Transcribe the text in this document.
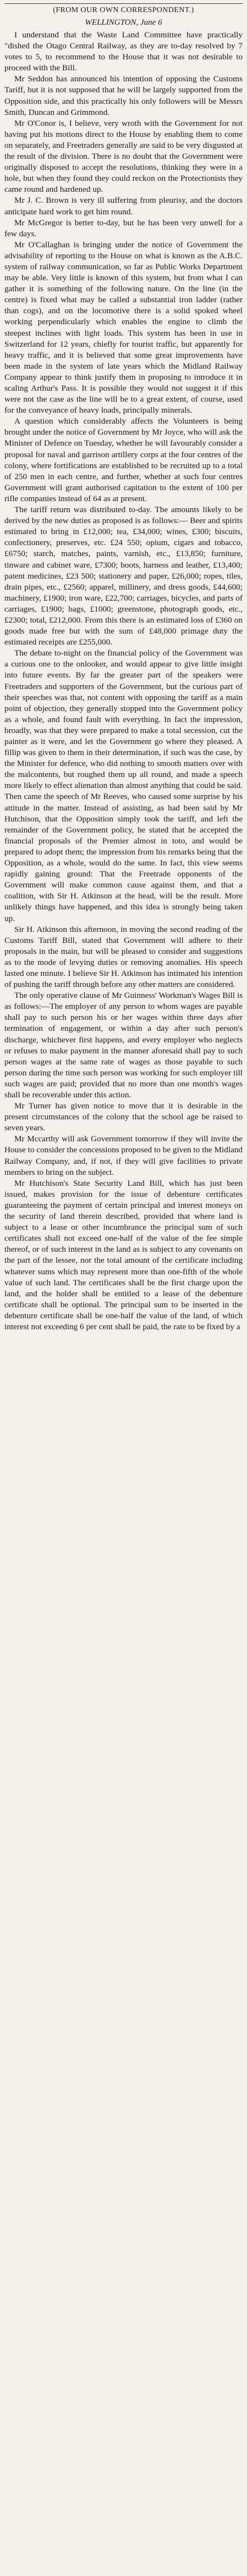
(FROM OUR OWN CORRESPONDENT.)
WELLINGTON, June 6

I understand that the Waste Land Committee have practically "dished the Otago Central Railway, as they are to-day resolved by 7 votes to 5, to recommend to the House that it was not desirable to proceed with the Bill.

Mr Seddon has announced his intention of opposing the Customs Tariff, but it is not supposed that he will be largely supported from the Opposition side, and this practically his only followers will be Messrs Smith, Duncan and Grimmond.

Mr O'Conor is, I believe, very wroth with the Government for not having put his motions direct to the House by enabling them to come on separately, and Freetraders generally are said to be very disgusted at the result of the division. There is no doubt that the Government were originally disposed to accept the resolutions, thinking they were in a hole, but when they found they could reckon on the Protectionists they came round and hardened up.

Mr J. C. Brown is very ill suffering from pleurisy, and the doctors anticipate hard work to get him round.

Mr McGregor is better to-day, but he has been very unwell for a few days.

Mr O'Callaghan is bringing under the notice of Government the advisability of reporting to the House on what is known as the A.B.C. system of railway communication, so far as Public Works Department may be able. Very little is known of this system, but from what I can gather it is something of the following nature. On the line (in the centre) is fixed what may be called a substantial iron ladder (rather than cogs), and on the locomotive there is a solid spoked wheel working perpendicularly which enables the engine to climb the steepest inclines with light loads. This system has been in use in Switzerland for 12 years, chiefly for tourist traffic, but apparently for heavy traffic, and it is believed that some great improvements have been made in the system of late years which the Midland Railway Company appear to think justify them in proposing to introduce it in scaling Arthur's Pass. It is possible they would not suggest it if this were not the case as the line will be to a great extent, of course, used for the conveyance of heavy loads, principally minerals.

A question which considerably affects the Volunteers is being brought under the notice of Government by Mr Joyce, who will ask the Minister of Defence on Tuesday, whether he will favourably consider a proposal for naval and garrison artillery corps at the four centres of the colony, where fortifications are established to be recruited up to a total of 250 men in each centre, and further, whether at such four centres Government will grant authorised capitation to the extent of 100 per rifle companies instead of 64 as at present.

The tariff return was distributed to-day. The amounts likely to be derived by the new duties as proposed is as follows:— Beer and spirits estimated to bring in £12,000; tea, £34,000; wines, £300; biscuits, confectionery, preserves, etc. £24 550; opium, cigars and tobacco, £6750; starch, matches, paints, varnish, etc., £13,850; furniture, tinware and cabinet ware, £7300; boots, harness and leather, £13,400; patent medicines, £23 500; stationery and paper, £26,000; ropes, tiles, drain pipes, etc., £2560; apparel, millinery, and dress goods, £44,600; machinery, £1900; iron ware, £22,700; carriages, bicycles, and parts of carriages, £1900; bags, £1000; greenstone, photograph goods, etc., £2300; total, £212,000. From this there is an estimated loss of £360 on goods made free but with the sum of £48,000 primage duty the estimated receipts are £255,000.

The debate to-night on the financial policy of the Government was a curious one to the onlooker, and would appear to give little insight into future events. By far the greater part of the speakers were Freetraders and supporters of the Government, but the curious part of their speeches was that, not content with opposing the tariff as a main point of objection, they generally stopped into the Government policy as a whole, and found fault with everything. In fact the impression, broadly, was that they were prepared to make a total secession, cut the painter as it were, and let the Government go where they pleased. A fillip was given to them in their determination, if such was the case, by the Minister for defence, who did nothing to smooth matters over with the malcontents, but roughed them up all round, and made a speech more likely to effect alienation than almost anything that could be said. Then came the speech of Mr Reeves, who caused some surprise by his attitude in the matter. Instead of assisting, as had been said by Mr Hutchison, that the Opposition simply took the tariff, and left the remainder of the Government policy, he stated that he accepted the financial proposals of the Premier almost in toto, and would be prepared to adopt them; the impression from his remarks being that the Opposition, as a whole, would do the same. In fact, this view seems rapidly gaining ground: That the Freetrade opponents of the Government will make common cause against them, and that a coalition, with Sir H. Atkinson at the head, will be the result. More unlikely things have happened, and this idea is strongly being taken up.

Sir H. Atkinson this afternoon, in moving the second reading of the Customs Tariff Bill, stated that Government will adhere to their proposals in the main, but will be pleased to consider and suggestions as to the mode of levying duties or removing anomalies. His speech lasted one minute. I believe Sir H. Atkinson has intimated his intention of pushing the tariff through before any other matters are considered.

The only operative clause of Mr Guinness' Workman's Wages Bill is as follows:—The employer of any person to whom wages are payable shall pay to such person his or her wages within three days after termination of engagement, or within a day after such person's discharge, whichever first happens, and every employer who neglects or refuses to make payment in the manner aforesaid shall pay to such person wages at the same rate of wages as those payable to such person during the time such person was working for such employer till such wages are paid; provided that no more than one month's wages shall be recoverable under this action.

Mr Turner has given notice to move that it is desirable in the present circumstances of the colony that the school age be raised to seven years.

Mr Mccarthy will ask Government tomorrow if they will invite the House to consider the concessions proposed to be given to the Midland Railway Company, and, if not, if they will give facilities to private members to bring on the subject.

Mr Hutchison's State Security Land Bill, which has just been issued, makes provision for the issue of debenture certificates guaranteeing the payment of certain principal and interest moneys on the security of land therein described, provided that where land is subject to a lease or other incumbrance the principal sum of such certificates shall not exceed one-half of the value of the fee simple thereof, or of such interest in the land as is subject to any covenants on the part of the lessee, nor the total amount of the certificate including whatever sums which may represent more than one-fifth of the whole value of such land. The certificates shall be the first charge upon the land, and the holder shall be entitled to a lease of the debenture certificate shall be optional. The principal sum to be inserted in the debenture certificate shall be one-half the value of the land, of which interest not exceeding 6 per cent shall be paid, the rate to be fixed by a
